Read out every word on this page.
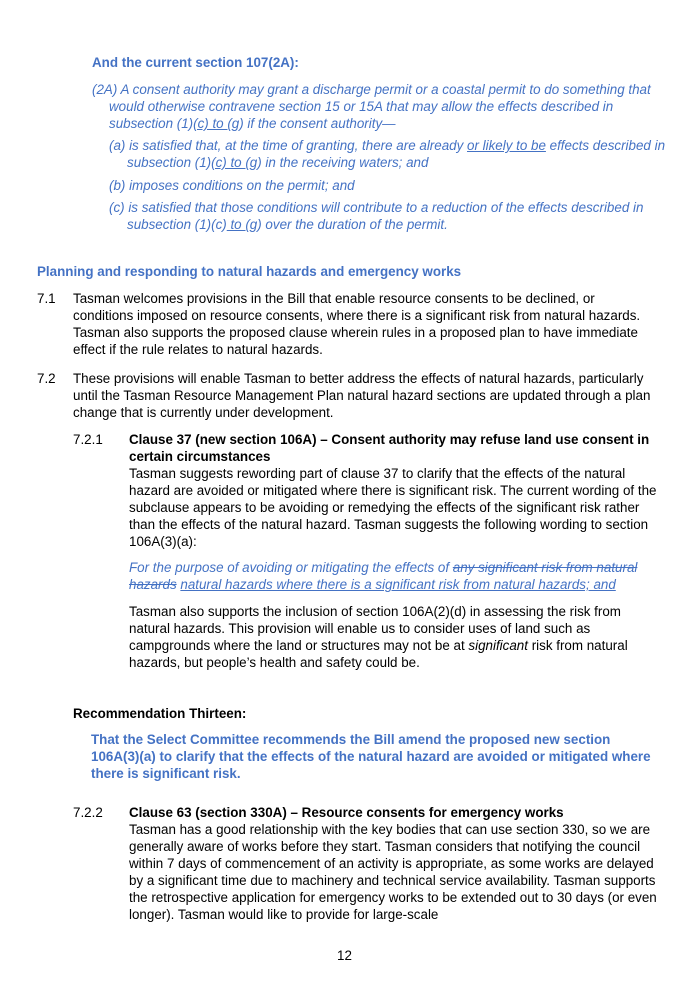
And the current section 107(2A):

(2A) A consent authority may grant a discharge permit or a coastal permit to do something that would otherwise contravene section 15 or 15A that may allow the effects described in subsection (1)(c) to (g) if the consent authority—

(a) is satisfied that, at the time of granting, there are already or likely to be effects described in subsection (1)(c) to (g) in the receiving waters; and

(b) imposes conditions on the permit; and

(c) is satisfied that those conditions will contribute to a reduction of the effects described in subsection (1)(c) to (g) over the duration of the permit.

Planning and responding to natural hazards and emergency works

7.1 Tasman welcomes provisions in the Bill that enable resource consents to be declined, or conditions imposed on resource consents, where there is a significant risk from natural hazards. Tasman also supports the proposed clause wherein rules in a proposed plan to have immediate effect if the rule relates to natural hazards.

7.2 These provisions will enable Tasman to better address the effects of natural hazards, particularly until the Tasman Resource Management Plan natural hazard sections are updated through a plan change that is currently under development.

7.2.1 Clause 37 (new section 106A) – Consent authority may refuse land use consent in certain circumstances

Tasman suggests rewording part of clause 37 to clarify that the effects of the natural hazard are avoided or mitigated where there is significant risk. The current wording of the subclause appears to be avoiding or remedying the effects of the significant risk rather than the effects of the natural hazard. Tasman suggests the following wording to section 106A(3)(a):

For the purpose of avoiding or mitigating the effects of any significant risk from natural hazards natural hazards where there is a significant risk from natural hazards; and

Tasman also supports the inclusion of section 106A(2)(d) in assessing the risk from natural hazards. This provision will enable us to consider uses of land such as campgrounds where the land or structures may not be at significant risk from natural hazards, but people’s health and safety could be.

Recommendation Thirteen:

That the Select Committee recommends the Bill amend the proposed new section 106A(3)(a) to clarify that the effects of the natural hazard are avoided or mitigated where there is significant risk.

7.2.2 Clause 63 (section 330A) – Resource consents for emergency works

Tasman has a good relationship with the key bodies that can use section 330, so we are generally aware of works before they start. Tasman considers that notifying the council within 7 days of commencement of an activity is appropriate, as some works are delayed by a significant time due to machinery and technical service availability. Tasman supports the retrospective application for emergency works to be extended out to 30 days (or even longer). Tasman would like to provide for large-scale

12
